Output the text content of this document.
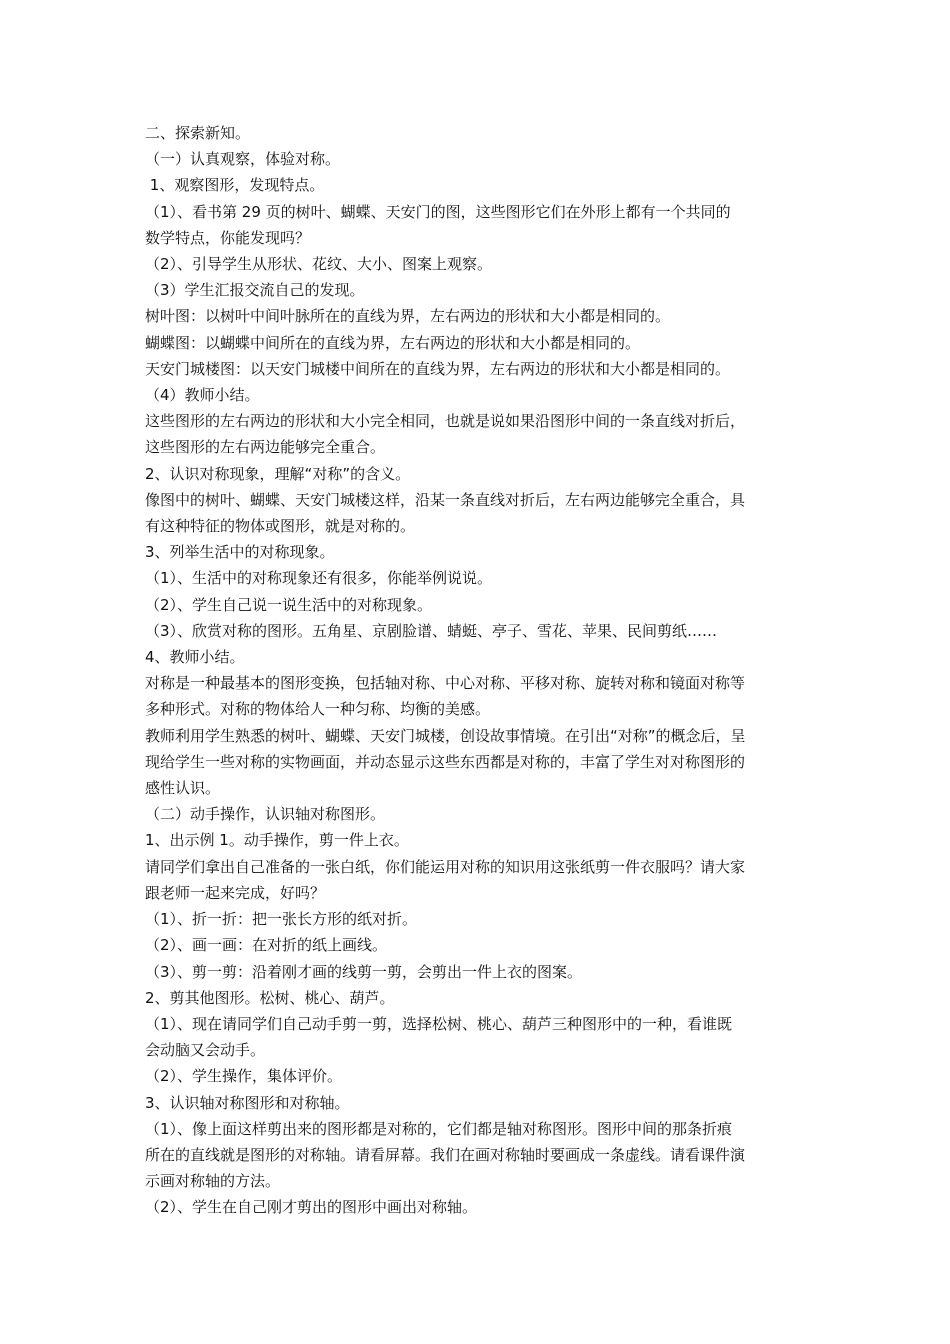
二、探索新知。
（一）认真观察，体验对称。
1、观察图形，发现特点。
（1）、看书第 29 页的树叶、蝴蝶、天安门的图，这些图形它们在外形上都有一个共同的
数学特点，你能发现吗？
（2）、引导学生从形状、花纹、大小、图案上观察。
（3）学生汇报交流自己的发现。
树叶图：以树叶中间叶脉所在的直线为界，左右两边的形状和大小都是相同的。
蝴蝶图：以蝴蝶中间所在的直线为界，左右两边的形状和大小都是相同的。
天安门城楼图：以天安门城楼中间所在的直线为界，左右两边的形状和大小都是相同的。
（4）教师小结。
这些图形的左右两边的形状和大小完全相同，也就是说如果沿图形中间的一条直线对折后，
这些图形的左右两边能够完全重合。
2、认识对称现象，理解“对称”的含义。
像图中的树叶、蝴蝶、天安门城楼这样，沿某一条直线对折后，左右两边能够完全重合，具
有这种特征的物体或图形，就是对称的。
3、列举生活中的对称现象。
（1）、生活中的对称现象还有很多，你能举例说说。
（2）、学生自己说一说生活中的对称现象。
（3）、欣赏对称的图形。五角星、京剧脸谱、蜻蜓、亭子、雪花、苹果、民间剪纸……
4、教师小结。
对称是一种最基本的图形变换，包括轴对称、中心对称、平移对称、旋转对称和镜面对称等
多种形式。对称的物体给人一种匀称、均衡的美感。
教师利用学生熟悉的树叶、蝴蝶、天安门城楼，创设故事情境。在引出“对称”的概念后，呈
现给学生一些对称的实物画面，并动态显示这些东西都是对称的，丰富了学生对对称图形的
感性认识。
（二）动手操作，认识轴对称图形。
1、出示例 1。动手操作，剪一件上衣。
请同学们拿出自己准备的一张白纸，你们能运用对称的知识用这张纸剪一件衣服吗？请大家
跟老师一起来完成，好吗？
（1）、折一折：把一张长方形的纸对折。
（2）、画一画：在对折的纸上画线。
（3）、剪一剪：沿着刚才画的线剪一剪，会剪出一件上衣的图案。
2、剪其他图形。松树、桃心、葫芦。
（1）、现在请同学们自己动手剪一剪，选择松树、桃心、葫芦三种图形中的一种，看谁既
会动脑又会动手。
（2）、学生操作，集体评价。
3、认识轴对称图形和对称轴。
（1）、像上面这样剪出来的图形都是对称的，它们都是轴对称图形。图形中间的那条折痕
所在的直线就是图形的对称轴。请看屏幕。我们在画对称轴时要画成一条虚线。请看课件演
示画对称轴的方法。
（2）、学生在自己刚才剪出的图形中画出对称轴。
